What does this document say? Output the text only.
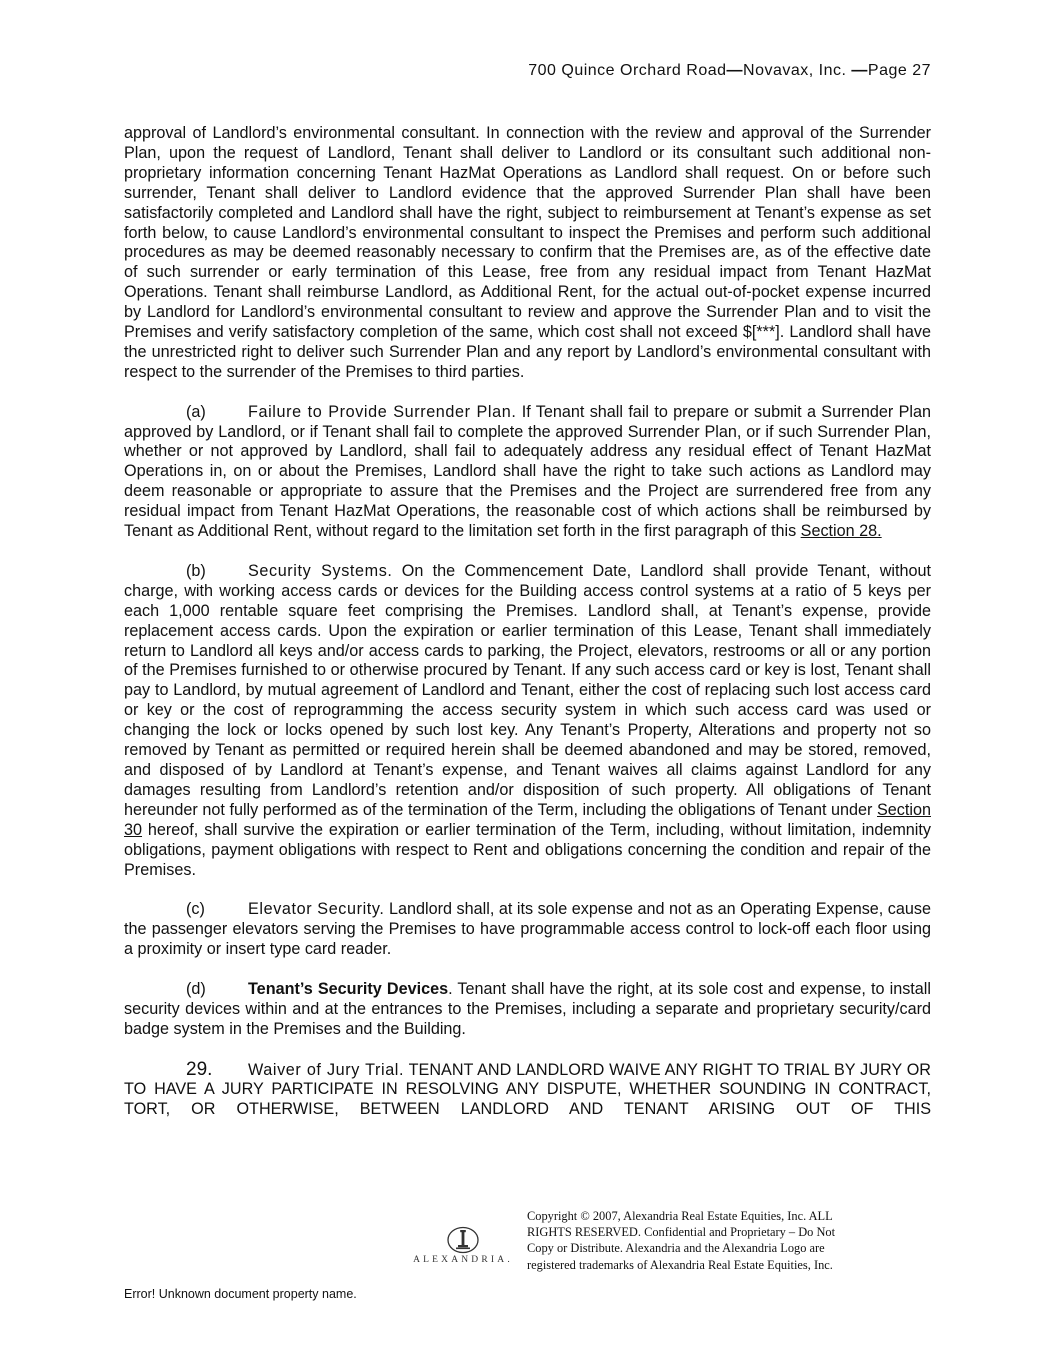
700 Quince Orchard Road—Novavax, Inc. —Page 27

approval of Landlord’s environmental consultant. In connection with the review and approval of the Surrender Plan, upon the request of Landlord, Tenant shall deliver to Landlord or its consultant such additional non-proprietary information concerning Tenant HazMat Operations as Landlord shall request. On or before such surrender, Tenant shall deliver to Landlord evidence that the approved Surrender Plan shall have been satisfactorily completed and Landlord shall have the right, subject to reimbursement at Tenant’s expense as set forth below, to cause Landlord’s environmental consultant to inspect the Premises and perform such additional procedures as may be deemed reasonably necessary to confirm that the Premises are, as of the effective date of such surrender or early termination of this Lease, free from any residual impact from Tenant HazMat Operations. Tenant shall reimburse Landlord, as Additional Rent, for the actual out-of-pocket expense incurred by Landlord for Landlord’s environmental consultant to review and approve the Surrender Plan and to visit the Premises and verify satisfactory completion of the same, which cost shall not exceed $[***]. Landlord shall have the unrestricted right to deliver such Surrender Plan and any report by Landlord’s environmental consultant with respect to the surrender of the Premises to third parties.

(a)	Failure to Provide Surrender Plan. If Tenant shall fail to prepare or submit a Surrender Plan approved by Landlord, or if Tenant shall fail to complete the approved Surrender Plan, or if such Surrender Plan, whether or not approved by Landlord, shall fail to adequately address any residual effect of Tenant HazMat Operations in, on or about the Premises, Landlord shall have the right to take such actions as Landlord may deem reasonable or appropriate to assure that the Premises and the Project are surrendered free from any residual impact from Tenant HazMat Operations, the reasonable cost of which actions shall be reimbursed by Tenant as Additional Rent, without regard to the limitation set forth in the first paragraph of this Section 28.

(b)	Security Systems. On the Commencement Date, Landlord shall provide Tenant, without charge, with working access cards or devices for the Building access control systems at a ratio of 5 keys per each 1,000 rentable square feet comprising the Premises. Landlord shall, at Tenant’s expense, provide replacement access cards. Upon the expiration or earlier termination of this Lease, Tenant shall immediately return to Landlord all keys and/or access cards to parking, the Project, elevators, restrooms or all or any portion of the Premises furnished to or otherwise procured by Tenant. If any such access card or key is lost, Tenant shall pay to Landlord, by mutual agreement of Landlord and Tenant, either the cost of replacing such lost access card or key or the cost of reprogramming the access security system in which such access card was used or changing the lock or locks opened by such lost key. Any Tenant’s Property, Alterations and property not so removed by Tenant as permitted or required herein shall be deemed abandoned and may be stored, removed, and disposed of by Landlord at Tenant’s expense, and Tenant waives all claims against Landlord for any damages resulting from Landlord’s retention and/or disposition of such property. All obligations of Tenant hereunder not fully performed as of the termination of the Term, including the obligations of Tenant under Section 30 hereof, shall survive the expiration or earlier termination of the Term, including, without limitation, indemnity obligations, payment obligations with respect to Rent and obligations concerning the condition and repair of the Premises.

(c)	Elevator Security. Landlord shall, at its sole expense and not as an Operating Expense, cause the passenger elevators serving the Premises to have programmable access control to lock-off each floor using a proximity or insert type card reader.

(d)	Tenant’s Security Devices. Tenant shall have the right, at its sole cost and expense, to install security devices within and at the entrances to the Premises, including a separate and proprietary security/card badge system in the Premises and the Building.

29. Waiver of Jury Trial. TENANT AND LANDLORD WAIVE ANY RIGHT TO TRIAL BY JURY OR TO HAVE A JURY PARTICIPATE IN RESOLVING ANY DISPUTE, WHETHER SOUNDING IN CONTRACT, TORT, OR OTHERWISE, BETWEEN LANDLORD AND TENANT ARISING OUT OF THIS

ALEXANDRIA.
Copyright © 2007, Alexandria Real Estate Equities, Inc. ALL
RIGHTS RESERVED. Confidential and Proprietary – Do Not
Copy or Distribute. Alexandria and the Alexandria Logo are
registered trademarks of Alexandria Real Estate Equities, Inc.
Error! Unknown document property name.
